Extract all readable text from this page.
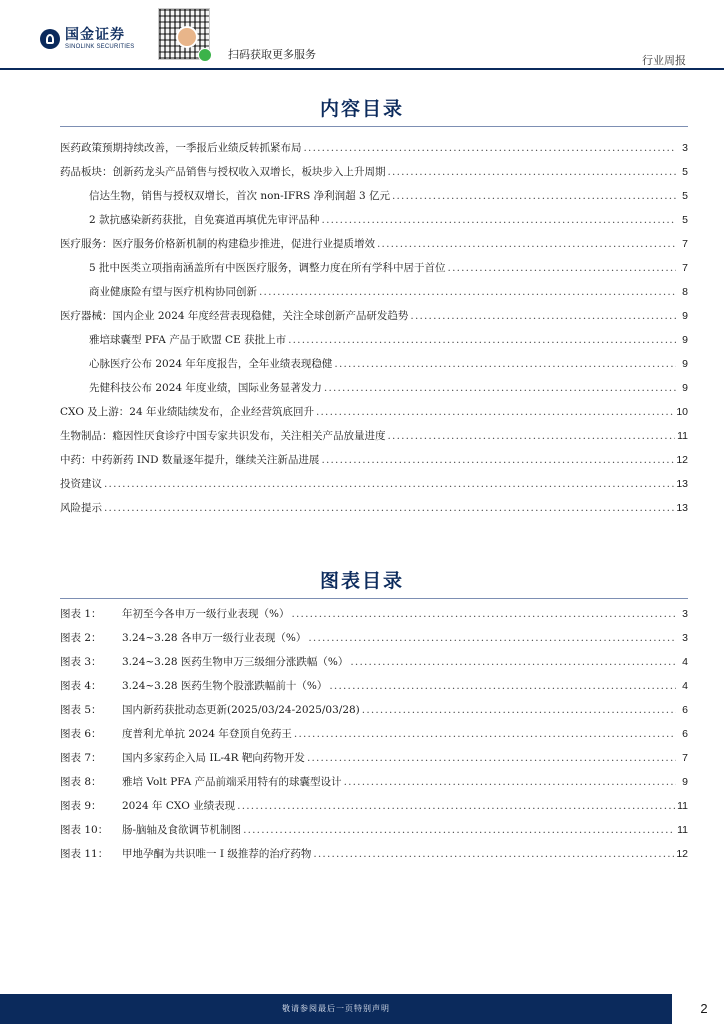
国金证券
SINOLINK SECURITIES
扫码获取更多服务	行业周报
内容目录
医药政策预期持续改善，一季报后业绩反转抓紧布局 .....	3
药品板块：创新药龙头产品销售与授权收入双增长，板块步入上升周期 .....	5
信达生物，销售与授权双增长，首次 non-IFRS 净利润超 3 亿元 .....	5
2 款抗感染新药获批，自免赛道再填优先审评品种 .....	5
医疗服务：医疗服务价格新机制的构建稳步推进，促进行业提质增效 .....	7
5 批中医类立项指南涵盖所有中医医疗服务，调整力度在所有学科中居于首位 .....	7
商业健康险有望与医疗机构协同创新 .....	8
医疗器械：国内企业 2024 年度经营表现稳健，关注全球创新产品研发趋势 .....	9
雅培球囊型 PFA 产品于欧盟 CE 获批上市 .....	9
心脉医疗公布 2024 年年度报告，全年业绩表现稳健 .....	9
先健科技公布 2024 年度业绩，国际业务显著发力 .....	9
CXO 及上游：24 年业绩陆续发布，企业经营筑底回升 .....	10
生物制品：瘾因性厌食诊疗中国专家共识发布，关注相关产品放量进度 .....	11
中药：中药新药 IND 数量逐年提升，继续关注新品进展 .....	12
投资建议 .....	13
风险提示 .....	13
图表目录
图表 1：	年初至今各申万一级行业表现（%） .....	3
图表 2：	3.24~3.28 各申万一级行业表现（%） .....	3
图表 3：	3.24~3.28 医药生物申万三级细分涨跌幅（%） .....	4
图表 4：	3.24~3.28 医药生物个股涨跌幅前十（%） .....	4
图表 5：	国内新药获批动态更新(2025/03/24-2025/03/28) .....	6
图表 6：	度普利尤单抗 2024 年登顶自免药王 .....	6
图表 7：	国内多家药企入局 IL-4R 靶向药物开发 .....	7
图表 8：	雅培 Volt PFA 产品前端采用特有的球囊型设计 .....	9
图表 9：	2024 年 CXO 业绩表现 .....	11
图表 10：	肠-脑轴及食欲调节机制图 .....	11
图表 11：	甲地孕酮为共识唯一 I 级推荐的治疗药物 .....	12
敬请参阅最后一页特别声明	2
